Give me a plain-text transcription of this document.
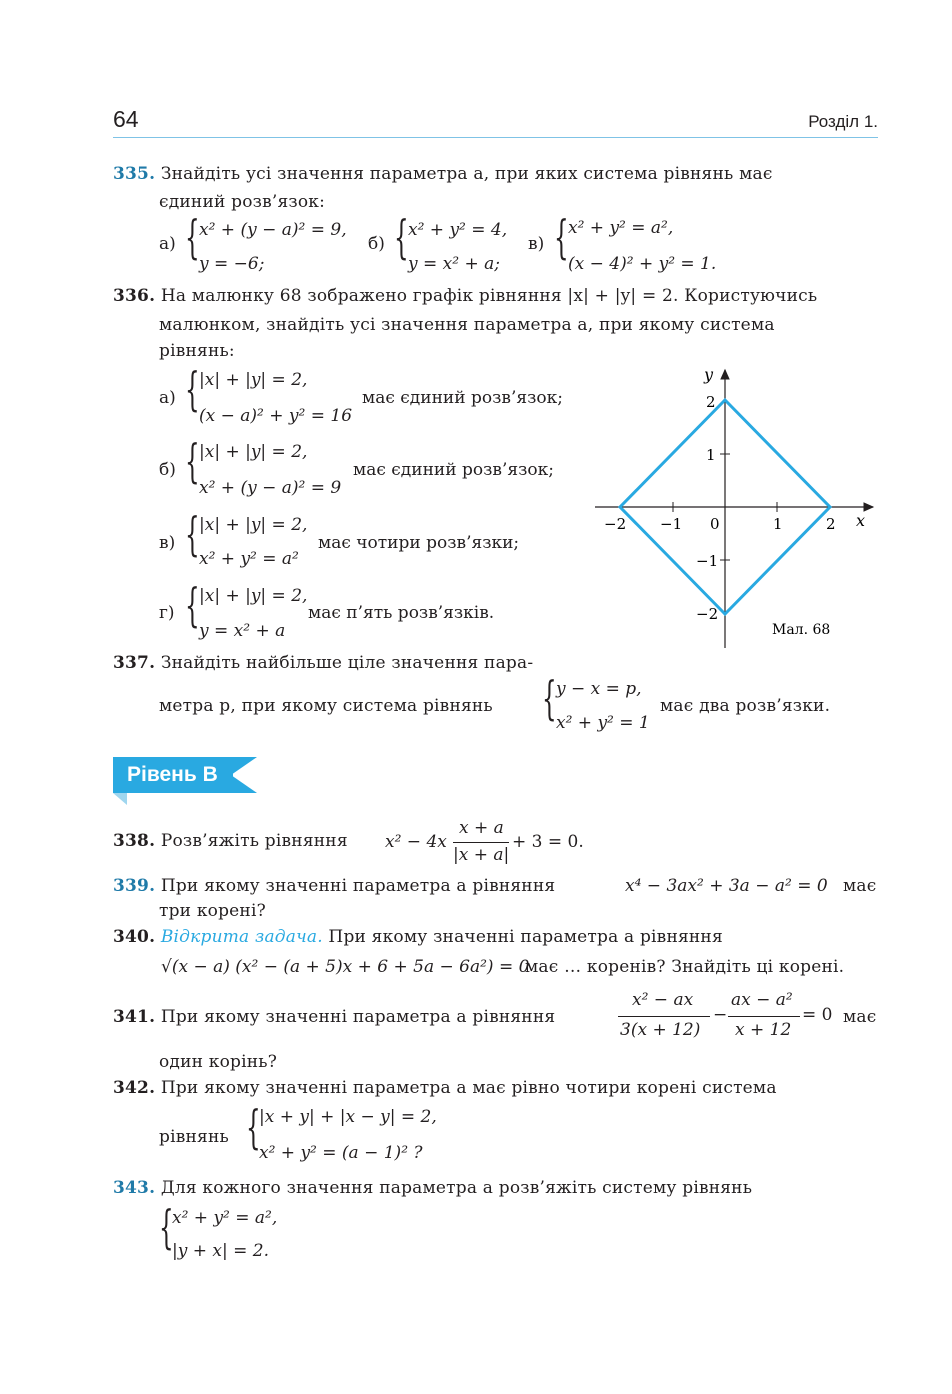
64	Розділ 1.
335. Знайдіть усі значення параметра a, при яких система рівнянь має
єдиний розв’язок:
а) { x² + (y − a)² = 9,
y = −6;
б) { x² + y² = 4,
y = x² + a;
в) { x² + y² = a²,
(x − 4)² + y² = 1.
336. На малюнку 68 зображено графік рівняння |x| + |y| = 2. Користуючись
малюнком, знайдіть усі значення параметра a, при якому система
рівнянь:
а) { |x| + |y| = 2,
(x − a)² + y² = 16
має єдиний розв’язок;
б) { |x| + |y| = 2,
x² + (y − a)² = 9
має єдиний розв’язок;
в) { |x| + |y| = 2,
x² + y² = a²
має чотири розв’язки;
г) { |x| + |y| = 2,
y = x² + a
має п’ять розв’язків.
−2 −1 0	1	2 x
2
1
−1
−2
y
Мал. 68
337. Знайдіть найбільше ціле значення пара-
метра p, при якому система рівнянь { y − x = p,
x² + y² = 1
має два розв’язки.
Рівень B
338. Розв’яжіть рівняння x² − 4x
x + a
|x + a|
+ 3 = 0.
339. При якому значенні параметра a рівняння	x⁴ − 3ax² + 3a − a² = 0 має
три корені?
340. Відкрита задача. При якому значенні параметра a рівняння
√(x − a) (x² − (a + 5)x + 6 + 5a − 6a²) = 0
має … коренів? Знайдіть ці корені.
341. При якому значенні параметра a рівняння
x² − ax
3(x + 12)
−
ax − a²
x + 12
= 0 має
один корінь?
342. При якому значенні параметра a має рівно чотири корені система
рівнянь {
|x + y| + |x − y| = 2,
x² + y² = (a − 1)² ?
343. Для кожного значення параметра a розв’яжіть систему рівнянь
{
x² + y² = a²,
|y + x| = 2.
